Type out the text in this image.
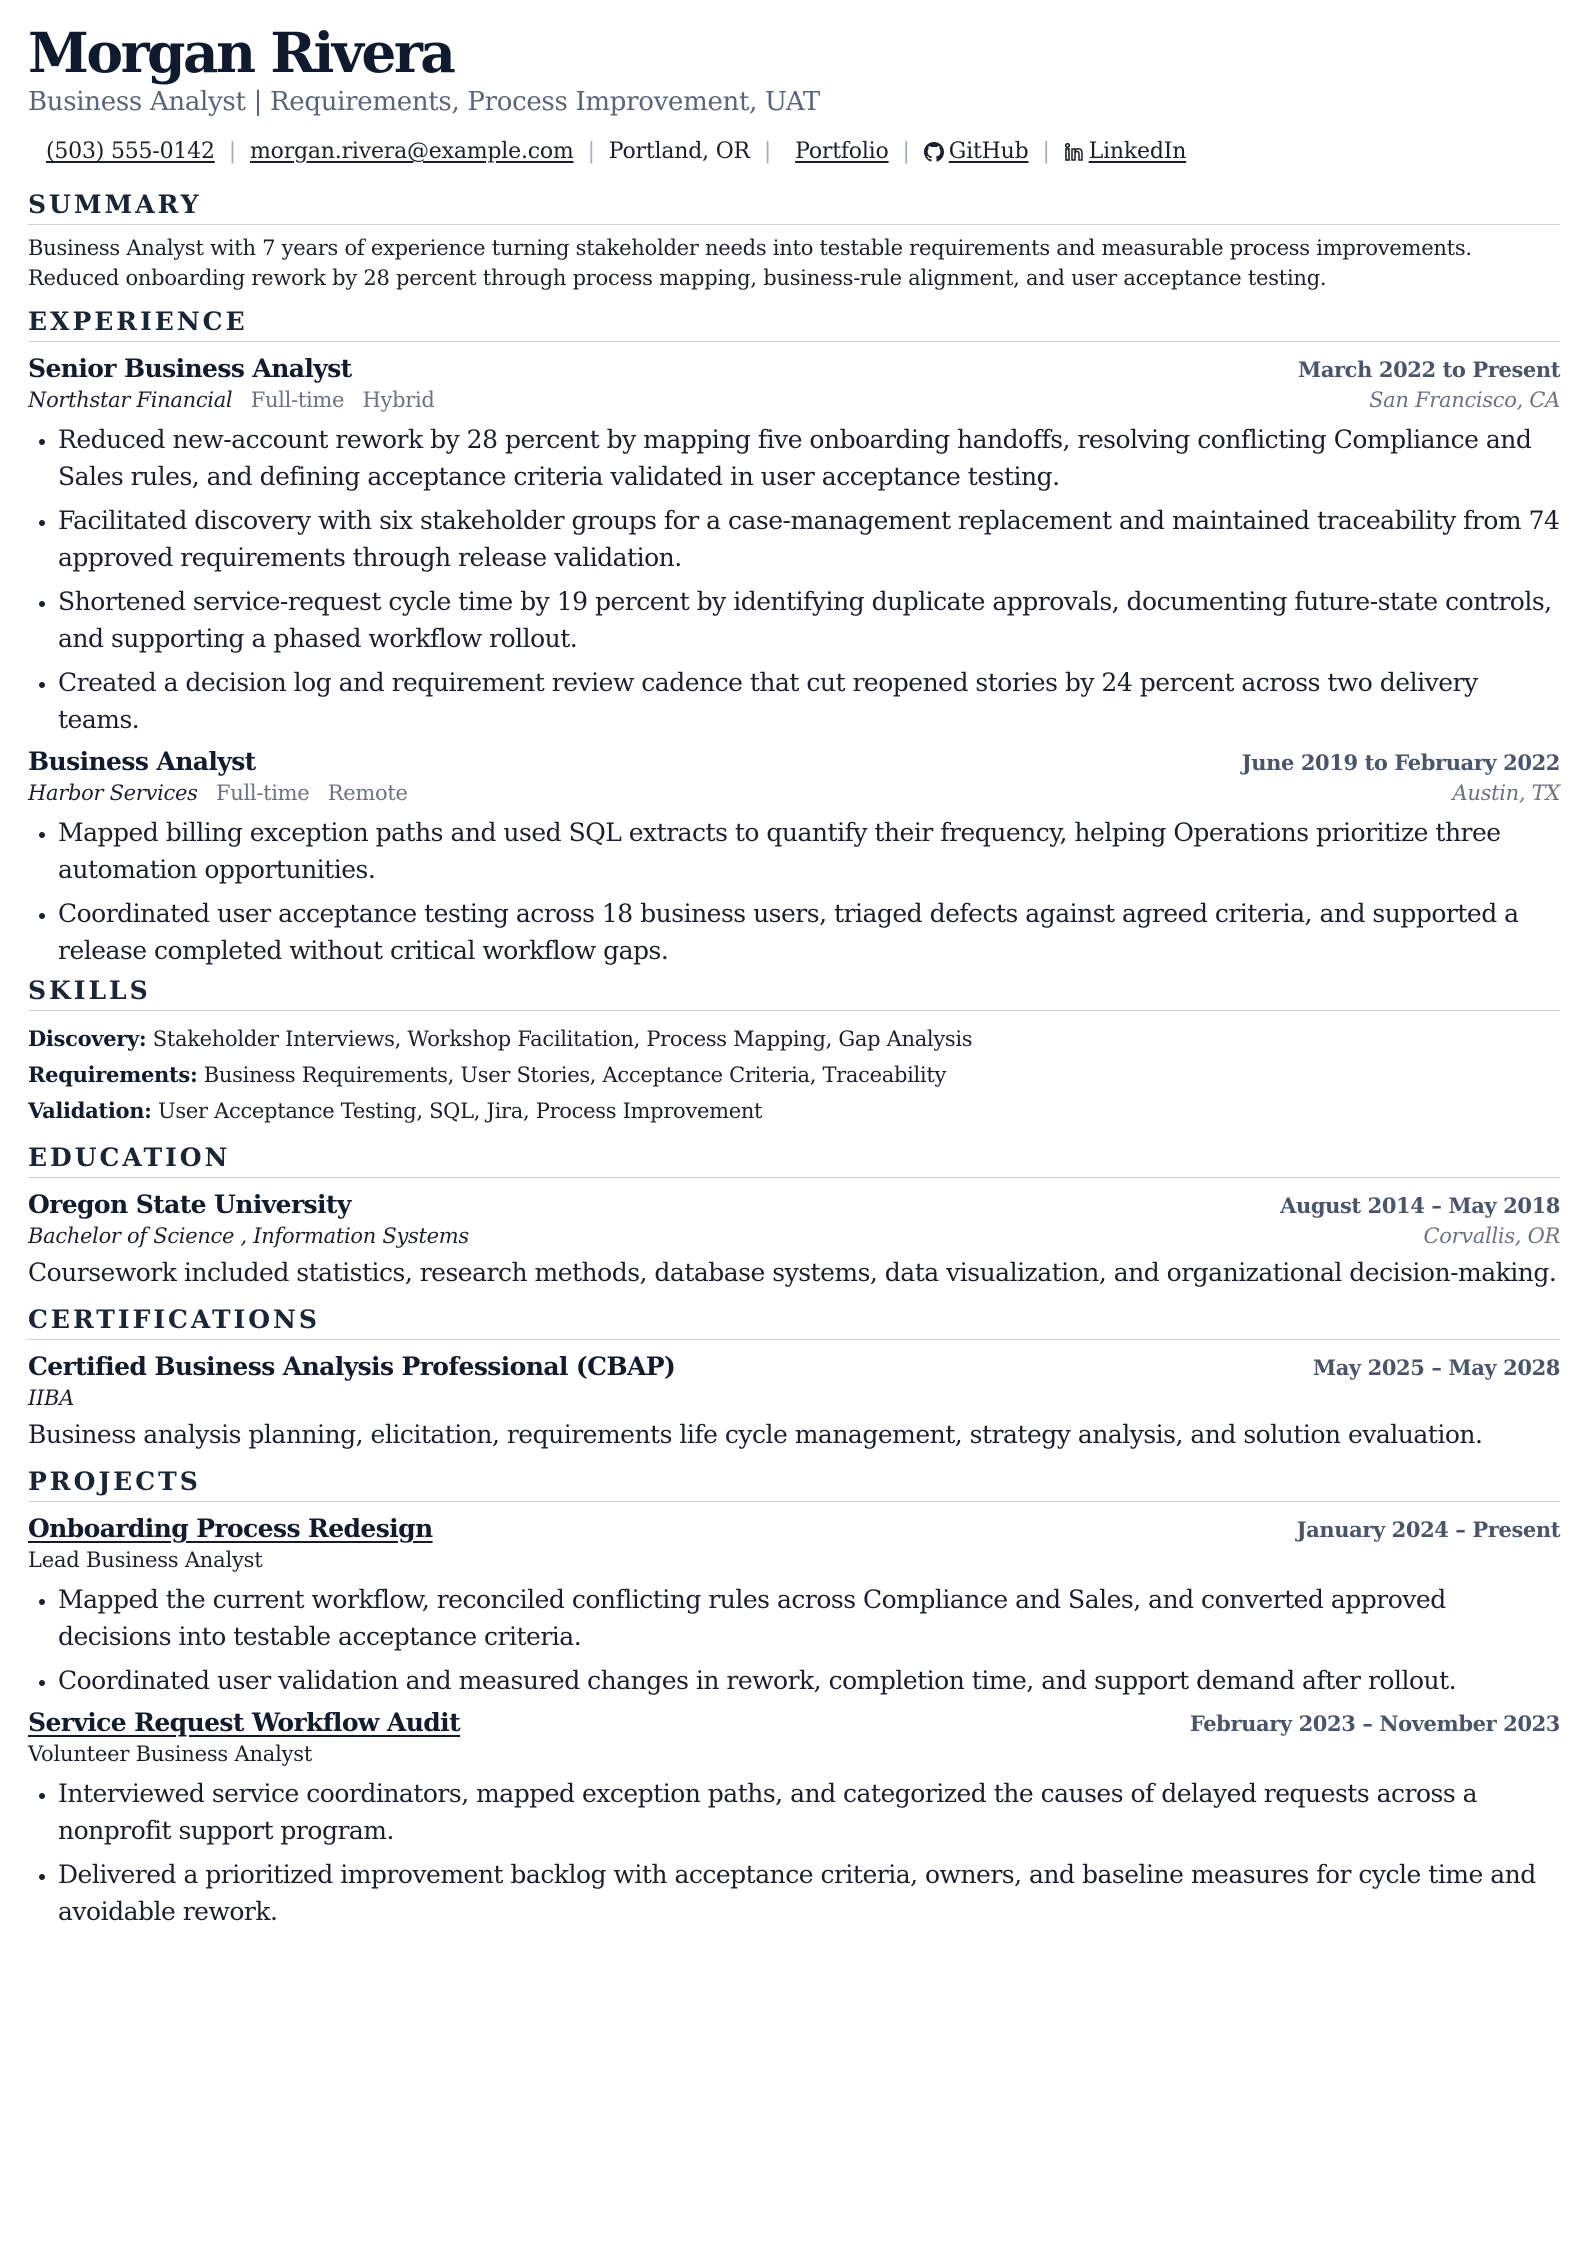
Morgan Rivera
Business Analyst | Requirements, Process Improvement, UAT
(503) 555-0142 | morgan.rivera@example.com | Portland, OR | Portfolio | GitHub | LinkedIn
SUMMARY
Business Analyst with 7 years of experience turning stakeholder needs into testable requirements and measurable process improvements. Reduced onboarding rework by 28 percent through process mapping, business-rule alignment, and user acceptance testing.
EXPERIENCE
Senior Business Analyst	March 2022 to Present
Northstar Financial Full-time Hybrid	San Francisco, CA
• Reduced new-account rework by 28 percent by mapping five onboarding handoffs, resolving conflicting Compliance and Sales rules, and defining acceptance criteria validated in user acceptance testing.
• Facilitated discovery with six stakeholder groups for a case-management replacement and maintained traceability from 74 approved requirements through release validation.
• Shortened service-request cycle time by 19 percent by identifying duplicate approvals, documenting future-state controls, and supporting a phased workflow rollout.
• Created a decision log and requirement review cadence that cut reopened stories by 24 percent across two delivery teams.
Business Analyst	June 2019 to February 2022
Harbor Services Full-time Remote	Austin, TX
• Mapped billing exception paths and used SQL extracts to quantify their frequency, helping Operations prioritize three automation opportunities.
• Coordinated user acceptance testing across 18 business users, triaged defects against agreed criteria, and supported a release completed without critical workflow gaps.
SKILLS
Discovery: Stakeholder Interviews, Workshop Facilitation, Process Mapping, Gap Analysis
Requirements: Business Requirements, User Stories, Acceptance Criteria, Traceability
Validation: User Acceptance Testing, SQL, Jira, Process Improvement
EDUCATION
Oregon State University	August 2014 – May 2018
Bachelor of Science , Information Systems	Corvallis, OR
Coursework included statistics, research methods, database systems, data visualization, and organizational decision-making.
CERTIFICATIONS
Certified Business Analysis Professional (CBAP)	May 2025 – May 2028
IIBA
Business analysis planning, elicitation, requirements life cycle management, strategy analysis, and solution evaluation.
PROJECTS
Onboarding Process Redesign	January 2024 – Present
Lead Business Analyst
• Mapped the current workflow, reconciled conflicting rules across Compliance and Sales, and converted approved decisions into testable acceptance criteria.
• Coordinated user validation and measured changes in rework, completion time, and support demand after rollout.
Service Request Workflow Audit	February 2023 – November 2023
Volunteer Business Analyst
• Interviewed service coordinators, mapped exception paths, and categorized the causes of delayed requests across a nonprofit support program.
• Delivered a prioritized improvement backlog with acceptance criteria, owners, and baseline measures for cycle time and avoidable rework.
